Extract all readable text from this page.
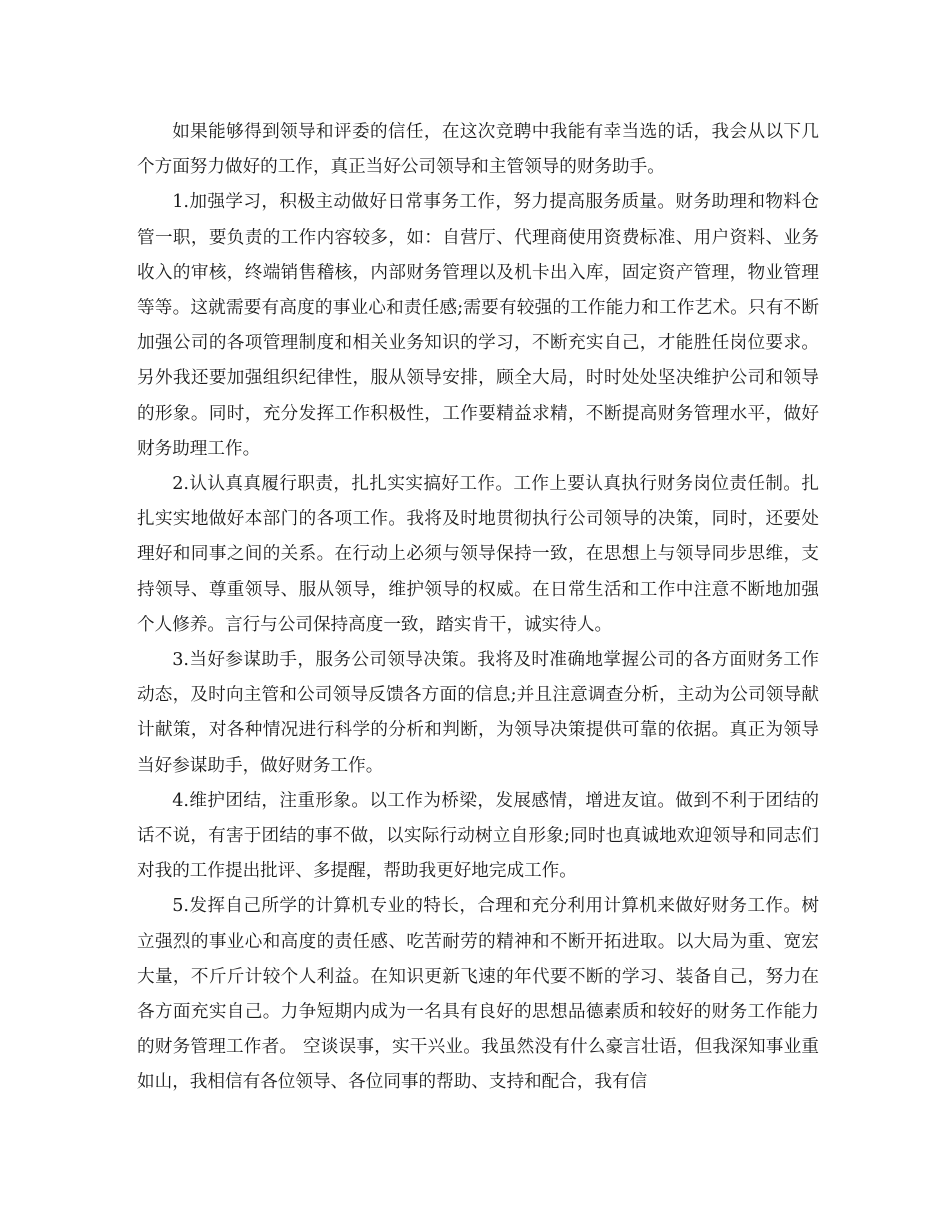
如果能够得到领导和评委的信任，在这次竞聘中我能有幸当选的话，我会从以下几个方面努力做好的工作，真正当好公司领导和主管领导的财务助手。

1.加强学习，积极主动做好日常事务工作，努力提高服务质量。财务助理和物料仓管一职，要负责的工作内容较多，如：自营厅、代理商使用资费标准、用户资料、业务收入的审核，终端销售稽核，内部财务管理以及机卡出入库，固定资产管理，物业管理等等。这就需要有高度的事业心和责任感;需要有较强的工作能力和工作艺术。只有不断加强公司的各项管理制度和相关业务知识的学习，不断充实自己，才能胜任岗位要求。另外我还要加强组织纪律性，服从领导安排，顾全大局，时时处处坚决维护公司和领导的形象。同时，充分发挥工作积极性，工作要精益求精，不断提高财务管理水平，做好财务助理工作。

2.认认真真履行职责，扎扎实实搞好工作。工作上要认真执行财务岗位责任制。扎扎实实地做好本部门的各项工作。我将及时地贯彻执行公司领导的决策，同时，还要处理好和同事之间的关系。在行动上必须与领导保持一致，在思想上与领导同步思维，支持领导、尊重领导、服从领导，维护领导的权威。在日常生活和工作中注意不断地加强个人修养。言行与公司保持高度一致，踏实肯干，诚实待人。

3.当好参谋助手，服务公司领导决策。我将及时准确地掌握公司的各方面财务工作动态，及时向主管和公司领导反馈各方面的信息;并且注意调查分析，主动为公司领导献计献策，对各种情况进行科学的分析和判断，为领导决策提供可靠的依据。真正为领导当好参谋助手，做好财务工作。

4.维护团结，注重形象。以工作为桥梁，发展感情，增进友谊。做到不利于团结的话不说，有害于团结的事不做，以实际行动树立自形象;同时也真诚地欢迎领导和同志们对我的工作提出批评、多提醒，帮助我更好地完成工作。

5.发挥自己所学的计算机专业的特长，合理和充分利用计算机来做好财务工作。树立强烈的事业心和高度的责任感、吃苦耐劳的精神和不断开拓进取。以大局为重、宽宏大量，不斤斤计较个人利益。在知识更新飞速的年代要不断的学习、装备自己，努力在各方面充实自己。力争短期内成为一名具有良好的思想品德素质和较好的财务工作能力的财务管理工作者。 空谈误事，实干兴业。我虽然没有什么豪言壮语，但我深知事业重如山，我相信有各位领导、各位同事的帮助、支持和配合，我有信
